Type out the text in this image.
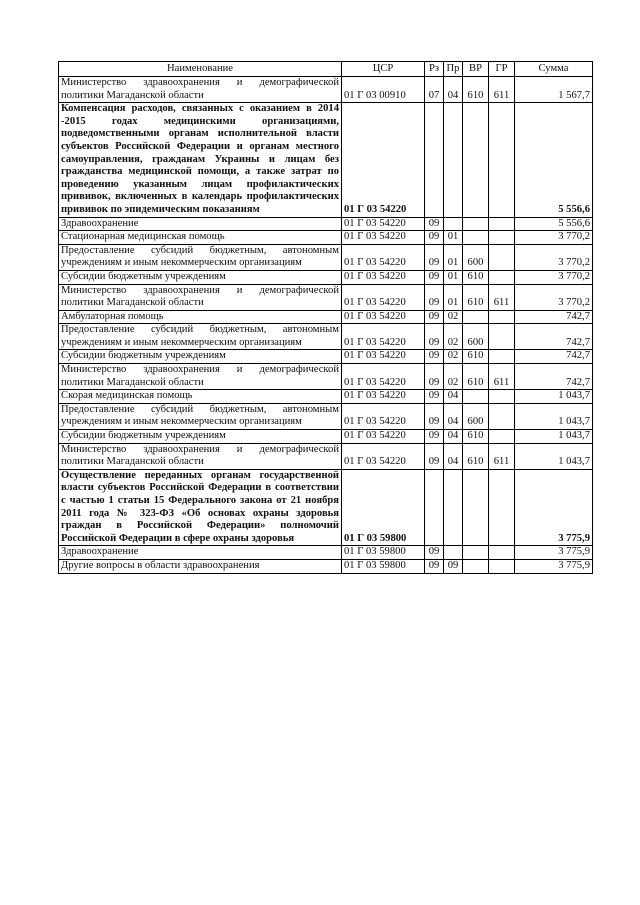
Наименование	ЦСР	Рз	Пр	ВР	ГР	Сумма
Министерство здравоохранения и демографической политики Магаданской области	01 Г 03 00910	07	04	610	611	1 567,7
Компенсация расходов, связанных с оказанием в 2014 -2015 годах медицинскими организациями, подведомственными органам исполнительной власти субъектов Российской Федерации и органам местного самоуправления, гражданам Украины и лицам без гражданства медицинской помощи, а также затрат по проведению указанным лицам профилактических прививок, включенных в календарь профилактических прививок по эпидемическим показаниям	01 Г 03 54220					5 556,6
Здравоохранение	01 Г 03 54220	09				5 556,6
Стационарная медицинская помощь	01 Г 03 54220	09	01			3 770,2
Предоставление субсидий бюджетным, автономным учреждениям и иным некоммерческим организациям	01 Г 03 54220	09	01	600		3 770,2
Субсидии бюджетным учреждениям	01 Г 03 54220	09	01	610		3 770,2
Министерство здравоохранения и демографической политики Магаданской области	01 Г 03 54220	09	01	610	611	3 770,2
Амбулаторная помощь	01 Г 03 54220	09	02			742,7
Предоставление субсидий бюджетным, автономным учреждениям и иным некоммерческим организациям	01 Г 03 54220	09	02	600		742,7
Субсидии бюджетным учреждениям	01 Г 03 54220	09	02	610		742,7
Министерство здравоохранения и демографической политики Магаданской области	01 Г 03 54220	09	02	610	611	742,7
Скорая медицинская помощь	01 Г 03 54220	09	04			1 043,7
Предоставление субсидий бюджетным, автономным учреждениям и иным некоммерческим организациям	01 Г 03 54220	09	04	600		1 043,7
Субсидии бюджетным учреждениям	01 Г 03 54220	09	04	610		1 043,7
Министерство здравоохранения и демографической политики Магаданской области	01 Г 03 54220	09	04	610	611	1 043,7
Осуществление переданных органам государственной власти субъектов Российской Федерации в соответствии с частью 1 статьи 15 Федерального закона от 21 ноября 2011 года № 323-ФЗ «Об основах охраны здоровья граждан в Российской Федерации» полномочий Российской Федерации в сфере охраны здоровья	01 Г 03 59800					3 775,9
Здравоохранение	01 Г 03 59800	09				3 775,9
Другие вопросы в области здравоохранения	01 Г 03 59800	09	09			3 775,9
